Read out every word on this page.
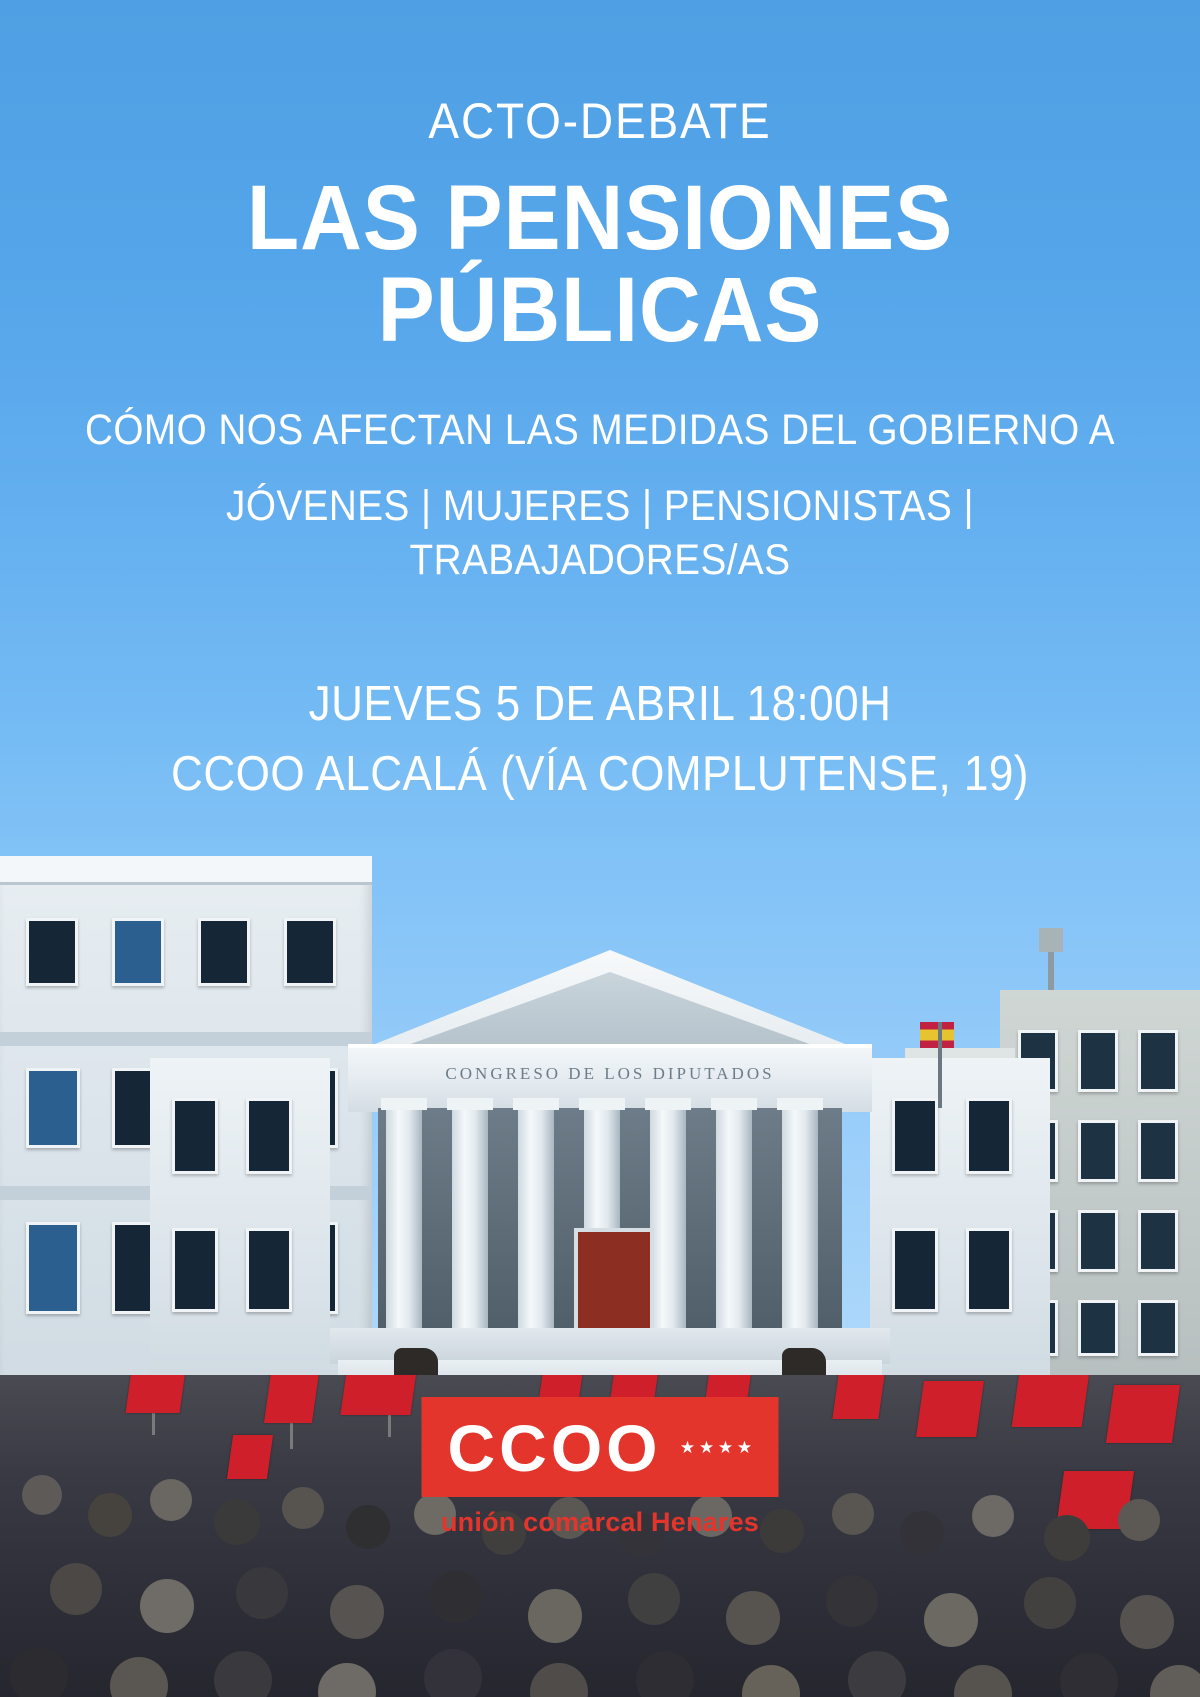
ACTO-DEBATE
LAS PENSIONES PÚBLICAS
CÓMO NOS AFECTAN LAS MEDIDAS DEL GOBIERNO A
JÓVENES | MUJERES | PENSIONISTAS | TRABAJADORES/AS
JUEVES 5 DE ABRIL 18:00H
CCOO ALCALÁ (VÍA COMPLUTENSE, 19)
CONGRESO DE LOS DIPUTADOS
CCOO ★ ★ ★ ★
unión comarcal Henares
